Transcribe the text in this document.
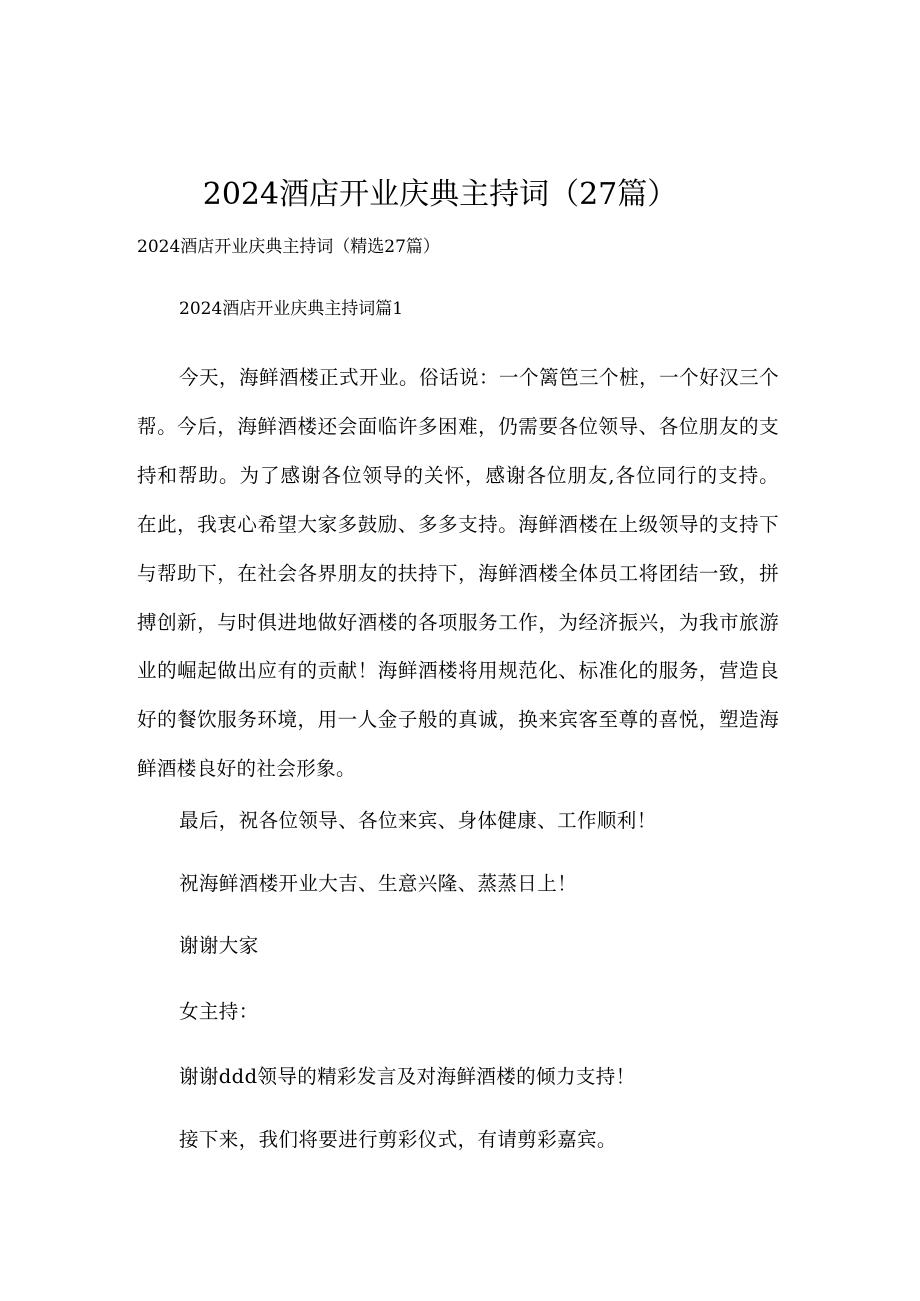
2024酒店开业庆典主持词（27篇）

2024酒店开业庆典主持词（精选27篇）

2024酒店开业庆典主持词篇1

今天，海鲜酒楼正式开业。俗话说：一个篱笆三个桩，一个好汉三个帮。今后，海鲜酒楼还会面临许多困难，仍需要各位领导、各位朋友的支持和帮助。为了感谢各位领导的关怀，感谢各位朋友,各位同行的支持。在此，我衷心希望大家多鼓励、多多支持。海鲜酒楼在上级领导的支持下与帮助下，在社会各界朋友的扶持下，海鲜酒楼全体员工将团结一致，拼搏创新，与时俱进地做好酒楼的各项服务工作，为经济振兴，为我市旅游业的崛起做出应有的贡献！海鲜酒楼将用规范化、标准化的服务，营造良好的餐饮服务环境，用一人金子般的真诚，换来宾客至尊的喜悦，塑造海鲜酒楼良好的社会形象。

最后，祝各位领导、各位来宾、身体健康、工作顺利！

祝海鲜酒楼开业大吉、生意兴隆、蒸蒸日上！

谢谢大家

女主持：

谢谢ddd领导的精彩发言及对海鲜酒楼的倾力支持！

接下来，我们将要进行剪彩仪式，有请剪彩嘉宾。
